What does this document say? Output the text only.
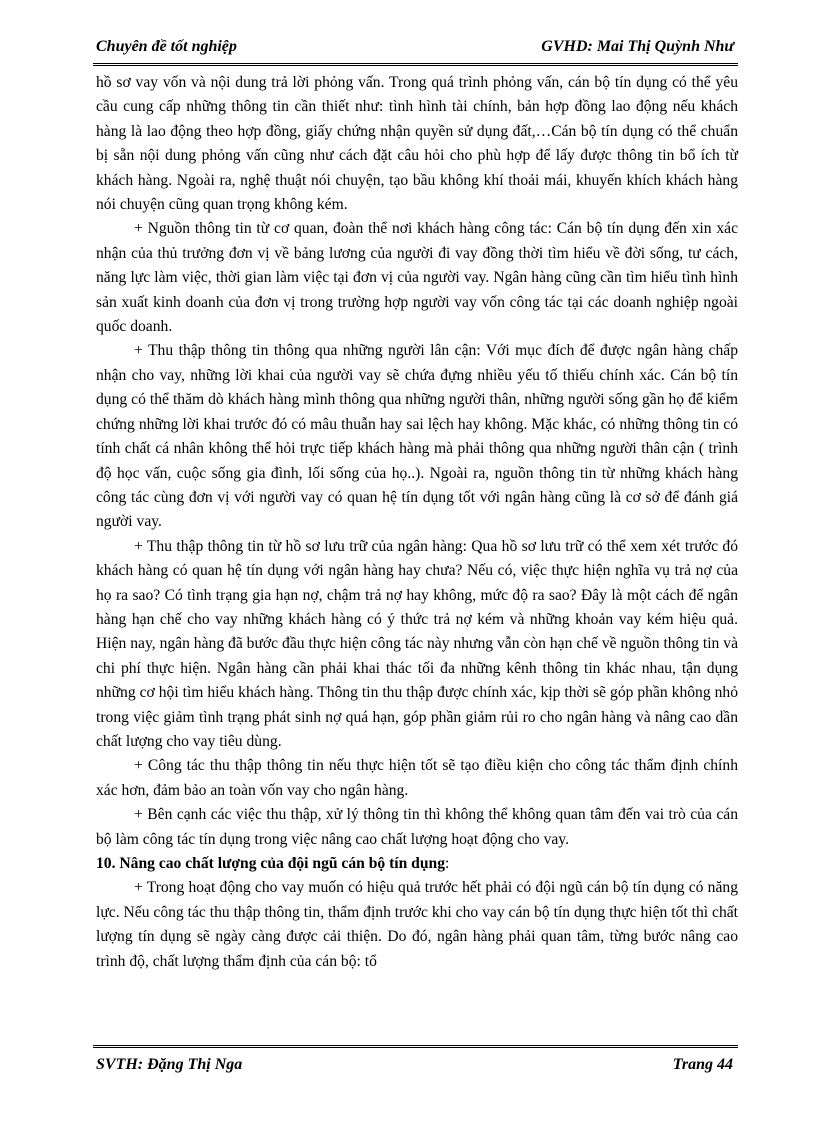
Chuyên đề tốt nghiệp	GVHD: Mai Thị Quỳnh Như

hồ sơ vay vốn và nội dung trả lời phỏng vấn. Trong quá trình phỏng vấn, cán bộ tín dụng có thể yêu cầu cung cấp những thông tin cần thiết như: tình hình tài chính, bản hợp đồng lao động nếu khách hàng là lao động theo hợp đồng, giấy chứng nhận quyền sử dụng đất,…Cán bộ tín dụng có thể chuẩn bị sẵn nội dung phỏng vấn cũng như cách đặt câu hỏi cho phù hợp để lấy được thông tin bổ ích từ khách hàng. Ngoài ra, nghệ thuật nói chuyện, tạo bầu không khí thoải mái, khuyến khích khách hàng nói chuyện cũng quan trọng không kém.

+ Nguồn thông tin từ cơ quan, đoàn thể nơi khách hàng công tác: Cán bộ tín dụng đến xin xác nhận của thủ trưởng đơn vị về bảng lương của người đi vay đồng thời tìm hiểu về đời sống, tư cách, năng lực làm việc, thời gian làm việc tại đơn vị của người vay. Ngân hàng cũng cần tìm hiểu tình hình sản xuất kinh doanh của đơn vị trong trường hợp người vay vốn công tác tại các doanh nghiệp ngoài quốc doanh.

+ Thu thập thông tin thông qua những người lân cận: Với mục đích để được ngân hàng chấp nhận cho vay, những lời khai của người vay sẽ chứa đựng nhiều yếu tố thiếu chính xác. Cán bộ tín dụng có thể thăm dò khách hàng mình thông qua những người thân, những người sống gần họ để kiểm chứng những lời khai trước đó có mâu thuẫn hay sai lệch hay không. Mặc khác, có những thông tin có tính chất cá nhân không thể hỏi trực tiếp khách hàng mà phải thông qua những người thân cận ( trình độ học vấn, cuộc sống gia đình, lối sống của họ..). Ngoài ra, nguồn thông tin từ những khách hàng công tác cùng đơn vị với người vay có quan hệ tín dụng tốt với ngân hàng cũng là cơ sở để đánh giá người vay.

+ Thu thập thông tin từ hồ sơ lưu trữ của ngân hàng: Qua hồ sơ lưu trữ có thể xem xét trước đó khách hàng có quan hệ tín dụng với ngân hàng hay chưa? Nếu có, việc thực hiện nghĩa vụ trả nợ của họ ra sao? Có tình trạng gia hạn nợ, chậm trả nợ hay không, mức độ ra sao? Đây là một cách để ngân hàng hạn chế cho vay những khách hàng có ý thức trả nợ kém và những khoản vay kém hiệu quả. Hiện nay, ngân hàng đã bước đầu thực hiện công tác này nhưng vẫn còn hạn chế về nguồn thông tin và chi phí thực hiện. Ngân hàng cần phải khai thác tối đa những kênh thông tin khác nhau, tận dụng những cơ hội tìm hiểu khách hàng. Thông tin thu thập được chính xác, kịp thời sẽ góp phần không nhỏ trong việc giảm tình trạng phát sinh nợ quá hạn, góp phần giảm rủi ro cho ngân hàng và nâng cao dần chất lượng cho vay tiêu dùng.

+ Công tác thu thập thông tin nếu thực hiện tốt sẽ tạo điều kiện cho công tác thẩm định chính xác hơn, đảm bảo an toàn vốn vay cho ngân hàng.

+ Bên cạnh các việc thu thập, xử lý thông tin thì không thể không quan tâm đến vai trò của cán bộ làm công tác tín dụng trong việc nâng cao chất lượng hoạt động cho vay.

10. Nâng cao chất lượng của đội ngũ cán bộ tín dụng:

+ Trong hoạt động cho vay muốn có hiệu quả trước hết phải có đội ngũ cán bộ tín dụng có năng lực. Nếu công tác thu thập thông tin, thẩm định trước khi cho vay cán bộ tín dụng thực hiện tốt thì chất lượng tín dụng sẽ ngày càng được cải thiện. Do đó, ngân hàng phải quan tâm, từng bước nâng cao trình độ, chất lượng thẩm định của cán bộ: tổ

SVTH: Đặng Thị Nga	Trang 44
